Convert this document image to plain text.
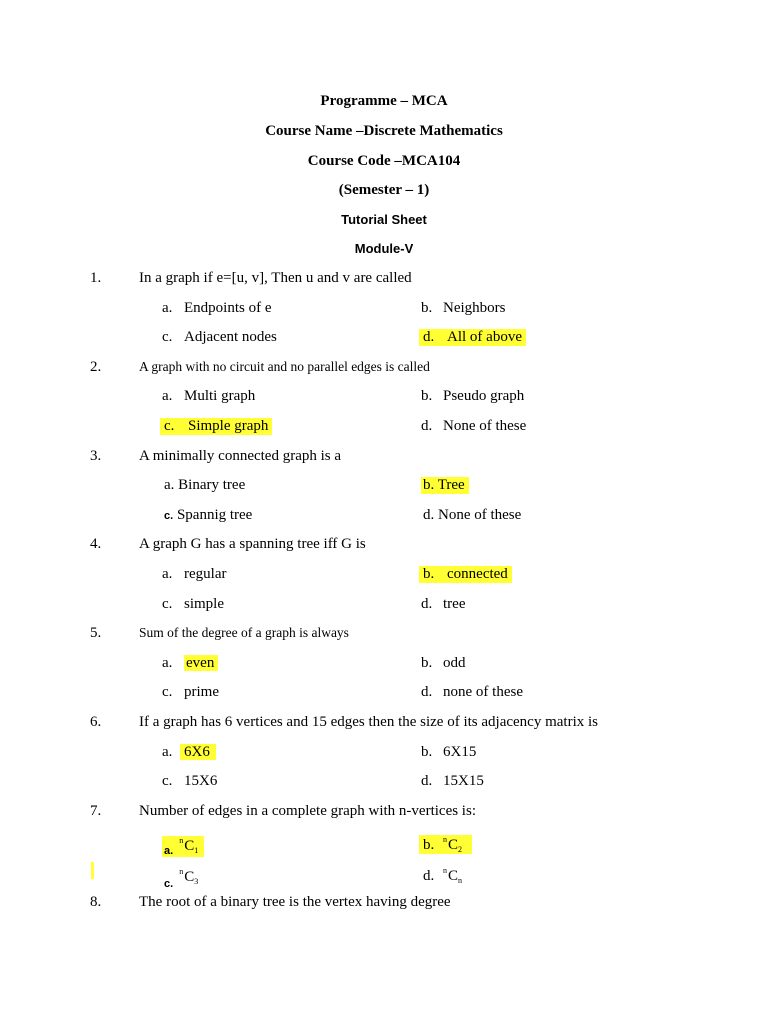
Programme – MCA
Course Name –Discrete Mathematics
Course Code –MCA104
(Semester – 1)
Tutorial Sheet
Module-V
1.	In a graph if e=[u, v], Then u and v are called
a. Endpoints of e	b. Neighbors
c. Adjacent nodes	d. All of above
2.	A graph with no circuit and no parallel edges is called
a. Multi graph	b. Pseudo graph
c. Simple graph	d. None of these
3.	A minimally connected graph is a
a. Binary tree	b. Tree
c. Spannig tree	d. None of these
4.	A graph G has a spanning tree iff G is
a. regular	b. connected
c. simple	d. tree
5.	Sum of the degree of a graph is always
a. even	b. odd
c. prime	d. none of these
6.	If a graph has 6 vertices and 15 edges then the size of its adjacency matrix is
a. 6X6	b. 6X15
c. 15X6	d. 15X15
7.	Number of edges in a complete graph with n-vertices is:
$_{a.}^nC_1$	b. $^nC_2$
$_{c.}^nC_3$	d. $^nC_n$
8.	The root of a binary tree is the vertex having degree
